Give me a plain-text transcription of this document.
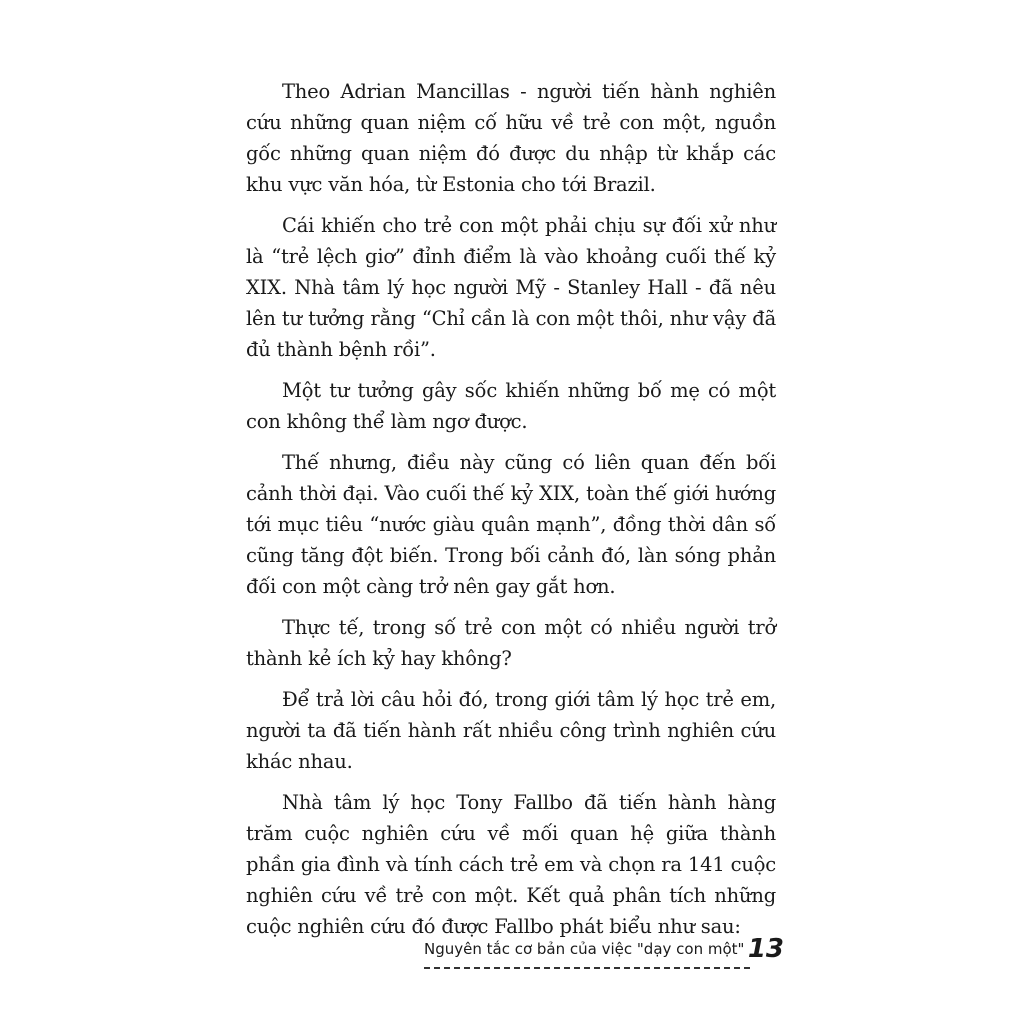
Theo Adrian Mancillas - người tiến hành nghiên cứu những quan niệm cố hữu về trẻ con một, nguồn gốc những quan niệm đó được du nhập từ khắp các khu vực văn hóa, từ Estonia cho tới Brazil.

Cái khiến cho trẻ con một phải chịu sự đối xử như là “trẻ lệch giơ” đỉnh điểm là vào khoảng cuối thế kỷ XIX. Nhà tâm lý học người Mỹ - Stanley Hall - đã nêu lên tư tưởng rằng “Chỉ cần là con một thôi, như vậy đã đủ thành bệnh rồi”.

Một tư tưởng gây sốc khiến những bố mẹ có một con không thể làm ngơ được.

Thế nhưng, điều này cũng có liên quan đến bối cảnh thời đại. Vào cuối thế kỷ XIX, toàn thế giới hướng tới mục tiêu “nước giàu quân mạnh”, đồng thời dân số cũng tăng đột biến. Trong bối cảnh đó, làn sóng phản đối con một càng trở nên gay gắt hơn.

Thực tế, trong số trẻ con một có nhiều người trở thành kẻ ích kỷ hay không?

Để trả lời câu hỏi đó, trong giới tâm lý học trẻ em, người ta đã tiến hành rất nhiều công trình nghiên cứu khác nhau.

Nhà tâm lý học Tony Fallbo đã tiến hành hàng trăm cuộc nghiên cứu về mối quan hệ giữa thành phần gia đình và tính cách trẻ em và chọn ra 141 cuộc nghiên cứu về trẻ con một. Kết quả phân tích những cuộc nghiên cứu đó được Fallbo phát biểu như sau:

Nguyên tắc cơ bản của việc "dạy con một" 13
